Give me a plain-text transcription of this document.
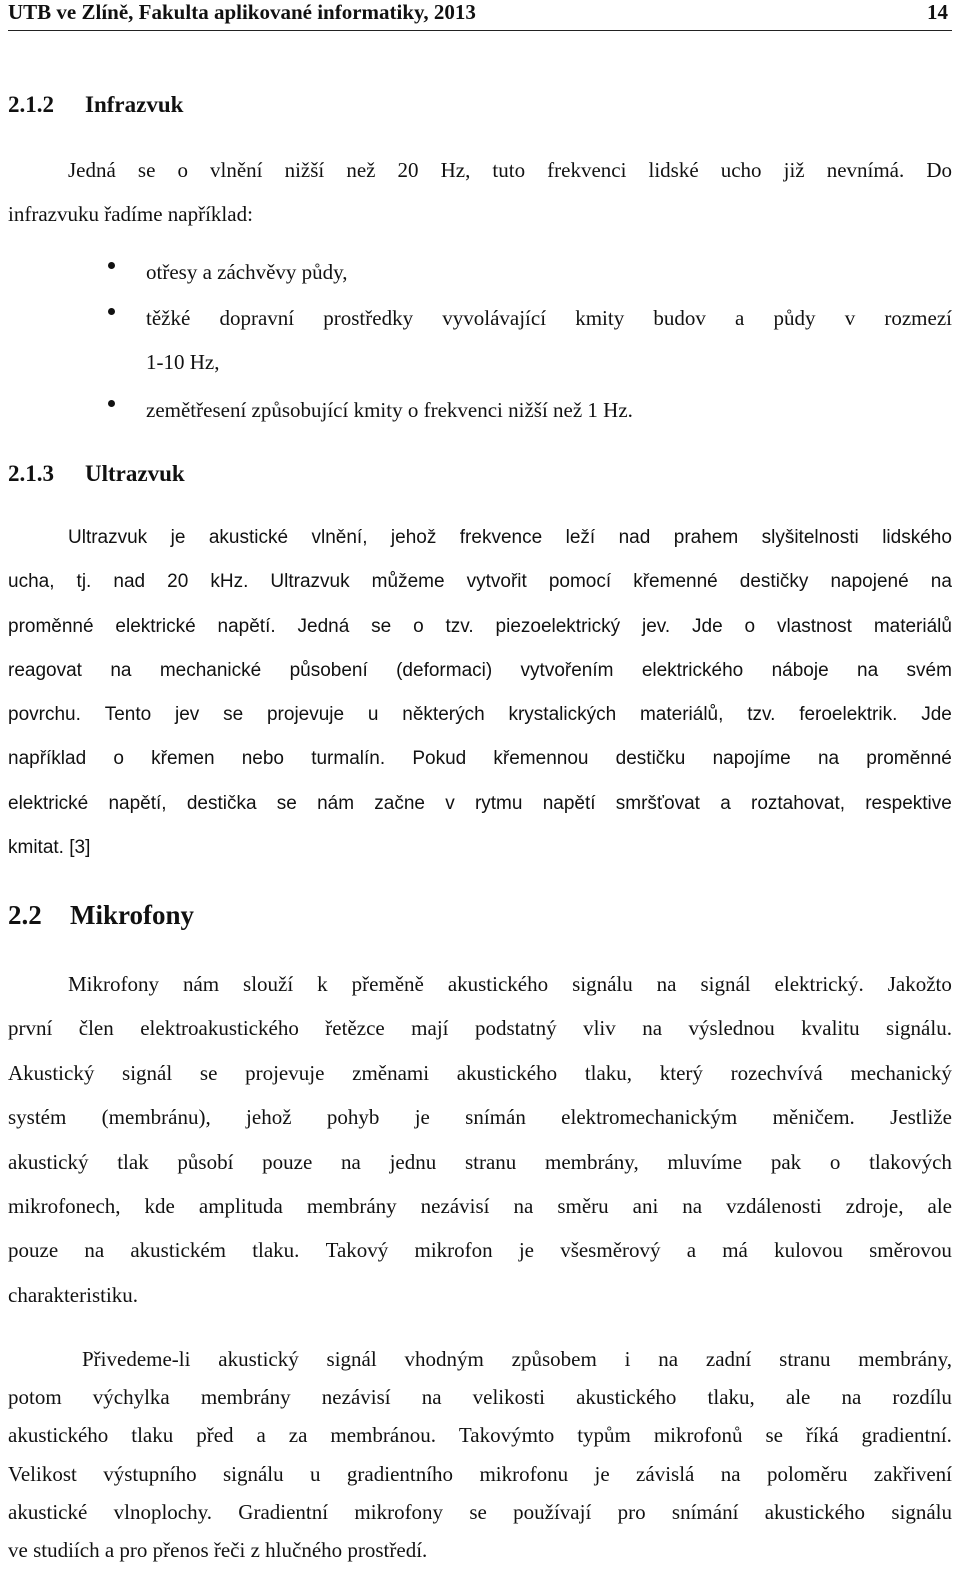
UTB ve Zlíně, Fakulta aplikované informatiky, 2013	14
2.1.2 Infrazvuk
Jedná se o vlnění nižší než 20 Hz, tuto frekvenci lidské ucho již nevnímá. Do
infrazvuku řadíme například:
otřesy a záchvěvy půdy,
těžké dopravní prostředky vyvolávající kmity budov a půdy v rozmezí
1-10 Hz,
zemětřesení způsobující kmity o frekvenci nižší než 1 Hz.
2.1.3 Ultrazvuk
Ultrazvuk je akustické vlnění, jehož frekvence leží nad prahem slyšitelnosti lidského
ucha, tj. nad 20 kHz. Ultrazvuk můžeme vytvořit pomocí křemenné destičky napojené na
proměnné elektrické napětí. Jedná se o tzv. piezoelektrický jev. Jde o vlastnost materiálů
reagovat na mechanické působení (deformaci) vytvořením elektrického náboje na svém
povrchu. Tento jev se projevuje u některých krystalických materiálů, tzv. feroelektrik. Jde
například o křemen nebo turmalín. Pokud křemennou destičku napojíme na proměnné
elektrické napětí, destička se nám začne v rytmu napětí smršťovat a roztahovat, respektive
kmitat. [3]
2.2 Mikrofony
Mikrofony nám slouží k přeměně akustického signálu na signál elektrický. Jakožto
první člen elektroakustického řetězce mají podstatný vliv na výslednou kvalitu signálu.
Akustický signál se projevuje změnami akustického tlaku, který rozechvívá mechanický
systém (membránu), jehož pohyb je snímán elektromechanickým měničem. Jestliže
akustický tlak působí pouze na jednu stranu membrány, mluvíme pak o tlakových
mikrofonech, kde amplituda membrány nezávisí na směru ani na vzdálenosti zdroje, ale
pouze na akustickém tlaku. Takový mikrofon je všesměrový a má kulovou směrovou
charakteristiku.
Přivedeme-li akustický signál vhodným způsobem i na zadní stranu membrány,
potom výchylka membrány nezávisí na velikosti akustického tlaku, ale na rozdílu
akustického tlaku před a za membránou. Takovýmto typům mikrofonů se říká gradientní.
Velikost výstupního signálu u gradientního mikrofonu je závislá na poloměru zakřivení
akustické vlnoplochy. Gradientní mikrofony se používají pro snímání akustického signálu
ve studiích a pro přenos řeči z hlučného prostředí.
